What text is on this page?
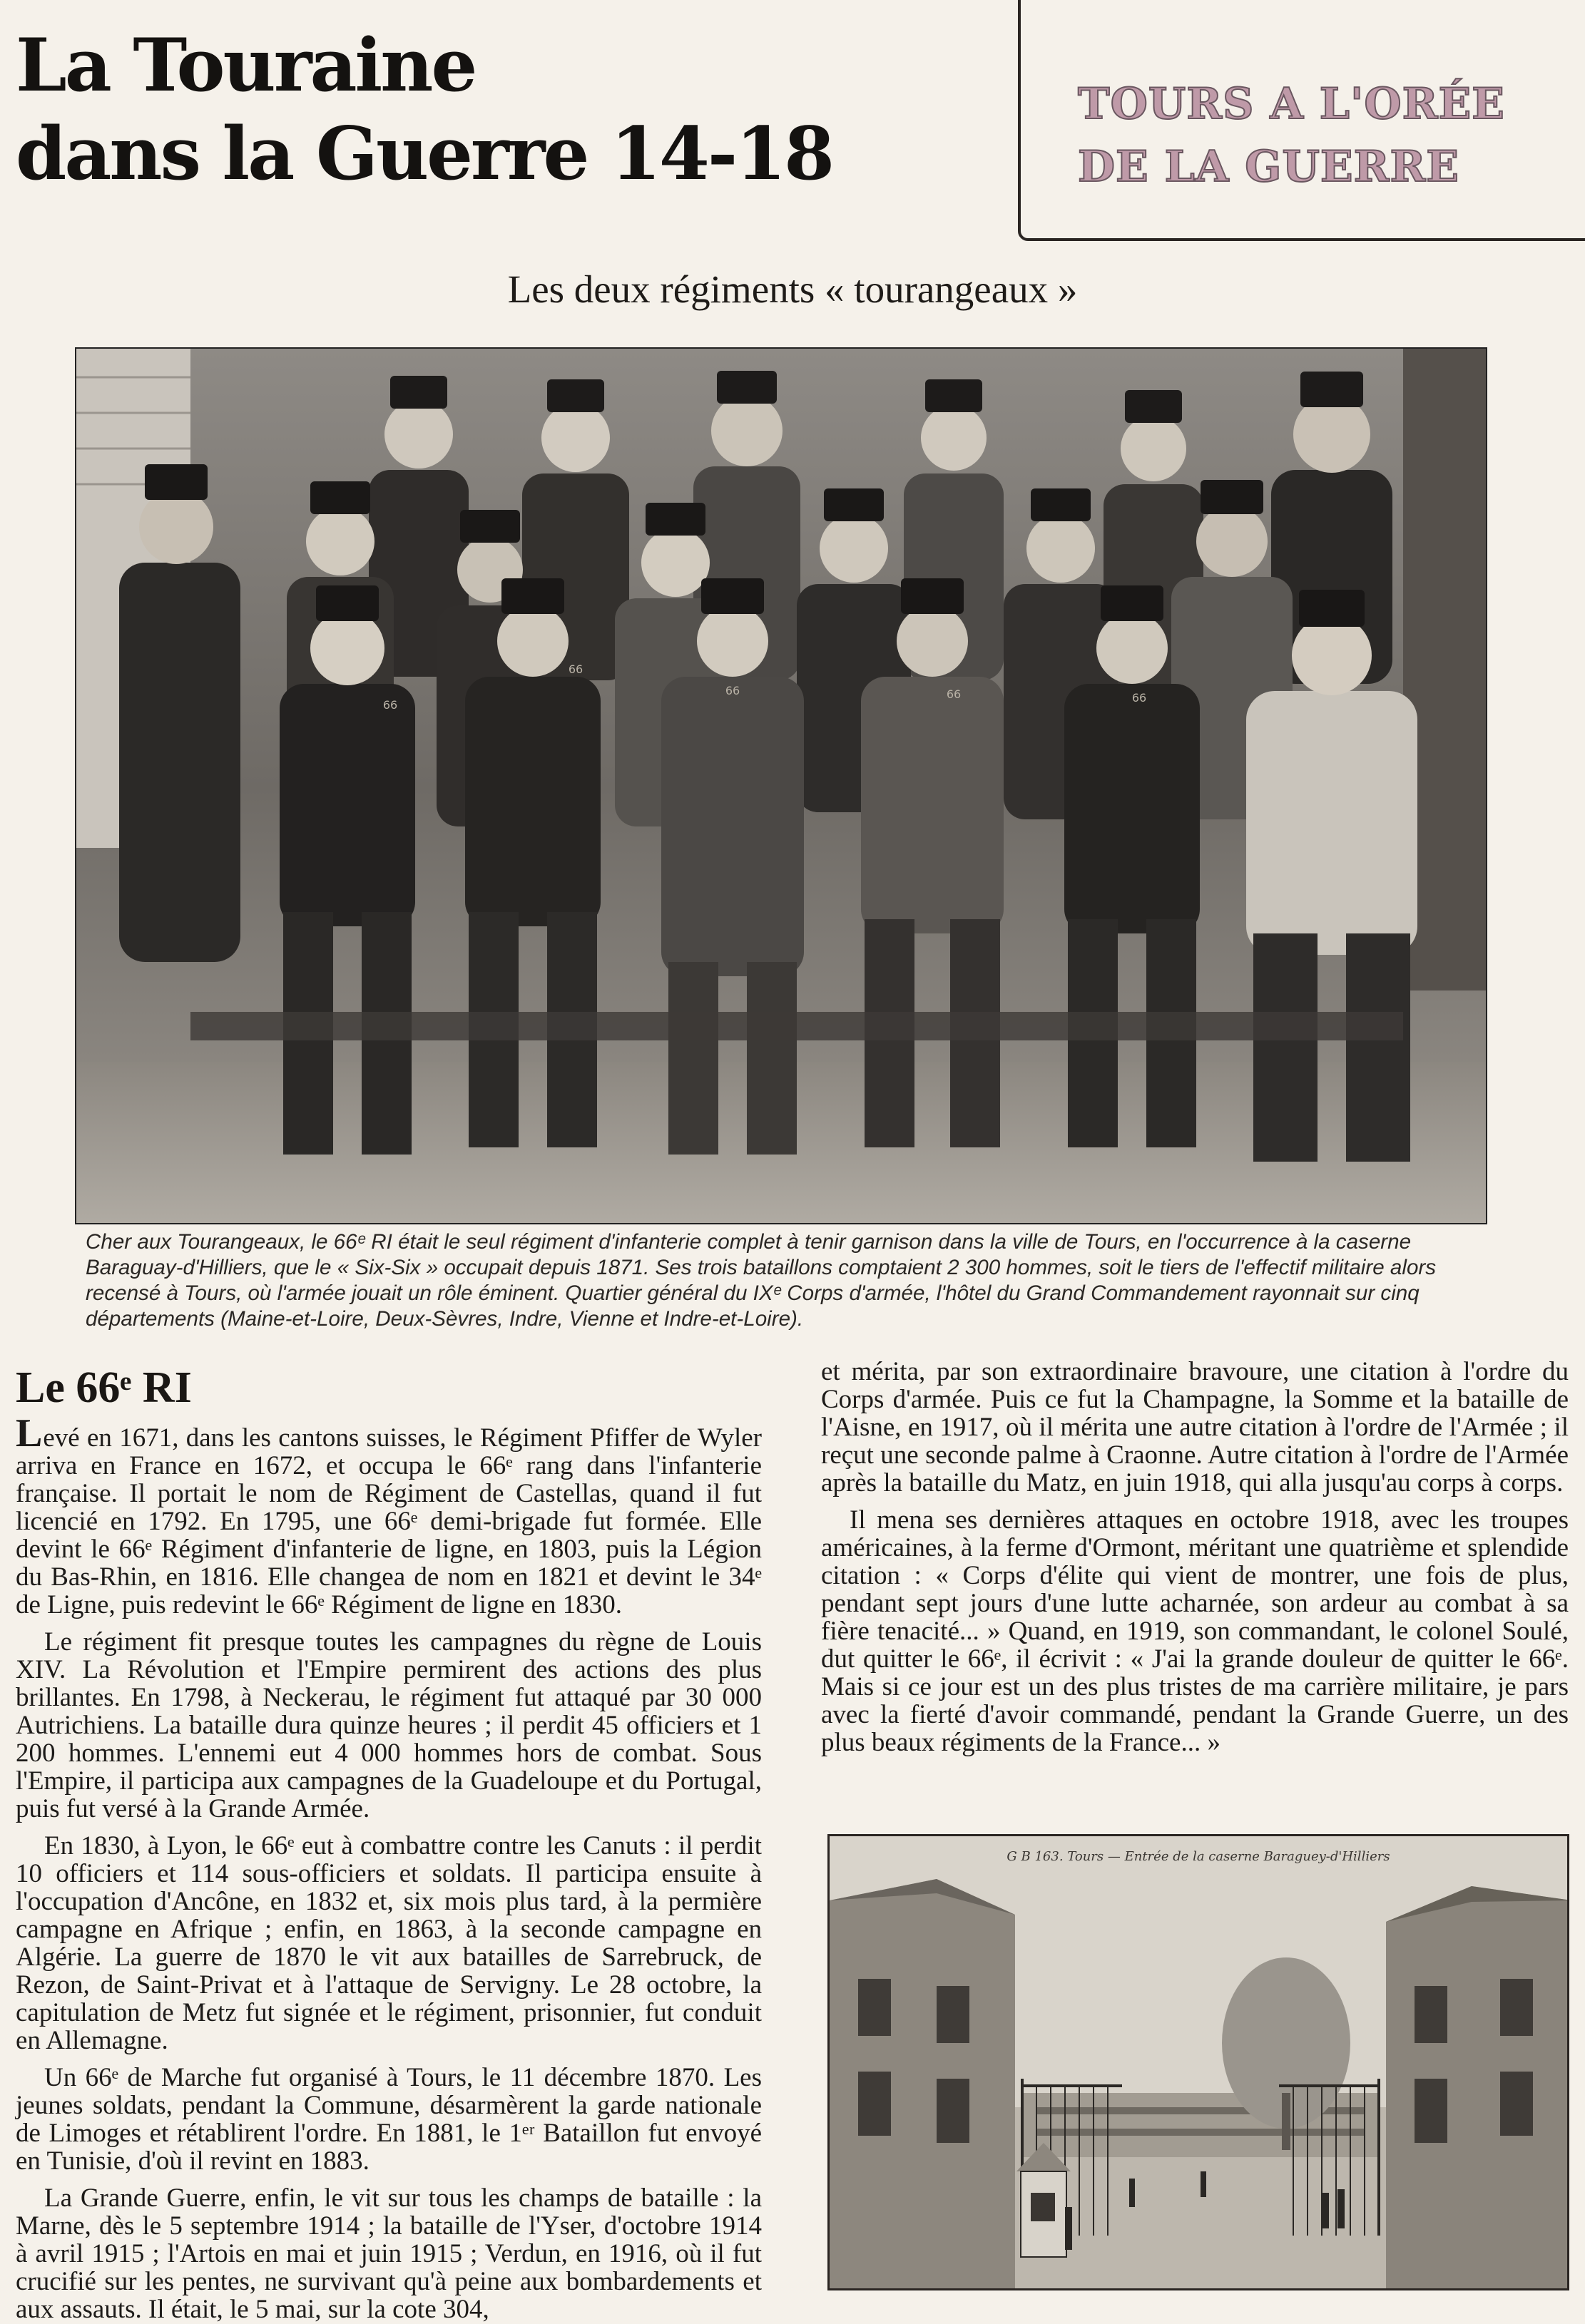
La Touraine
dans la Guerre 14-18
TOURS A L'ORÉE
DE LA GUERRE
Les deux régiments « tourangeaux »
66
66
66	66	66

Cher aux Tourangeaux, le 66ᵉ RI était le seul régiment d'infanterie complet à tenir garnison dans la ville de Tours, en l'occurrence à la caserne Baraguay-d'Hilliers, que le « Six-Six » occupait depuis 1871. Ses trois bataillons comptaient 2 300 hommes, soit le tiers de l'effectif militaire alors recensé à Tours, où l'armée jouait un rôle éminent. Quartier général du IXᵉ Corps d'armée, l'hôtel du Grand Commandement rayonnait sur cinq départements (Maine-et-Loire, Deux-Sèvres, Indre, Vienne et Indre-et-Loire).

Le 66ᵉ RI

Levé en 1671, dans les cantons suisses, le Régiment Pfiffer de Wyler arriva en France en 1672, et occupa le 66ᵉ rang dans l'infanterie française. Il portait le nom de Régiment de Castellas, quand il fut licencié en 1792. En 1795, une 66ᵉ demi-brigade fut formée. Elle devint le 66ᵉ Régiment d'infanterie de ligne, en 1803, puis la Légion du Bas-Rhin, en 1816. Elle changea de nom en 1821 et devint le 34ᵉ de Ligne, puis redevint le 66ᵉ Régiment de ligne en 1830.

Le régiment fit presque toutes les campagnes du règne de Louis XIV. La Révolution et l'Empire permirent des actions des plus brillantes. En 1798, à Neckerau, le régiment fut attaqué par 30 000 Autrichiens. La bataille dura quinze heures ; il perdit 45 officiers et 1 200 hommes. L'ennemi eut 4 000 hommes hors de combat. Sous l'Empire, il participa aux campagnes de la Guadeloupe et du Portugal, puis fut versé à la Grande Armée.

En 1830, à Lyon, le 66ᵉ eut à combattre contre les Canuts : il perdit 10 officiers et 114 sous-officiers et soldats. Il participa ensuite à l'occupation d'Ancône, en 1832 et, six mois plus tard, à la permière campagne en Afrique ; enfin, en 1863, à la seconde campagne en Algérie. La guerre de 1870 le vit aux batailles de Sarrebruck, de Rezon, de Saint-Privat et à l'attaque de Servigny. Le 28 octobre, la capitulation de Metz fut signée et le régiment, prisonnier, fut conduit en Allemagne.

Un 66ᵉ de Marche fut organisé à Tours, le 11 décembre 1870. Les jeunes soldats, pendant la Commune, désarmèrent la garde nationale de Limoges et rétablirent l'ordre. En 1881, le 1ᵉʳ Bataillon fut envoyé en Tunisie, d'où il revint en 1883.

La Grande Guerre, enfin, le vit sur tous les champs de bataille : la Marne, dès le 5 septembre 1914 ; la bataille de l'Yser, d'octobre 1914 à avril 1915 ; l'Artois en mai et juin 1915 ; Verdun, en 1916, où il fut crucifié sur les pentes, ne survivant qu'à peine aux bombardements et aux assauts. Il était, le 5 mai, sur la cote 304,

et mérita, par son extraordinaire bravoure, une citation à l'ordre du Corps d'armée. Puis ce fut la Champagne, la Somme et la bataille de l'Aisne, en 1917, où il mérita une autre citation à l'ordre de l'Armée ; il reçut une seconde palme à Craonne. Autre citation à l'ordre de l'Armée après la bataille du Matz, en juin 1918, qui alla jusqu'au corps à corps.

Il mena ses dernières attaques en octobre 1918, avec les troupes américaines, à la ferme d'Ormont, méritant une quatrième et splendide citation : « Corps d'élite qui vient de montrer, une fois de plus, pendant sept jours d'une lutte acharnée, son ardeur au combat à sa fière tenacité... » Quand, en 1919, son commandant, le colonel Soulé, dut quitter le 66ᵉ, il écrivit : « J'ai la grande douleur de quitter le 66ᵉ. Mais si ce jour est un des plus tristes de ma carrière militaire, je pars avec la fierté d'avoir commandé, pendant la Grande Guerre, un des plus beaux régiments de la France... »

G B 163. Tours — Entrée de la caserne Baraguey-d'Hilliers
